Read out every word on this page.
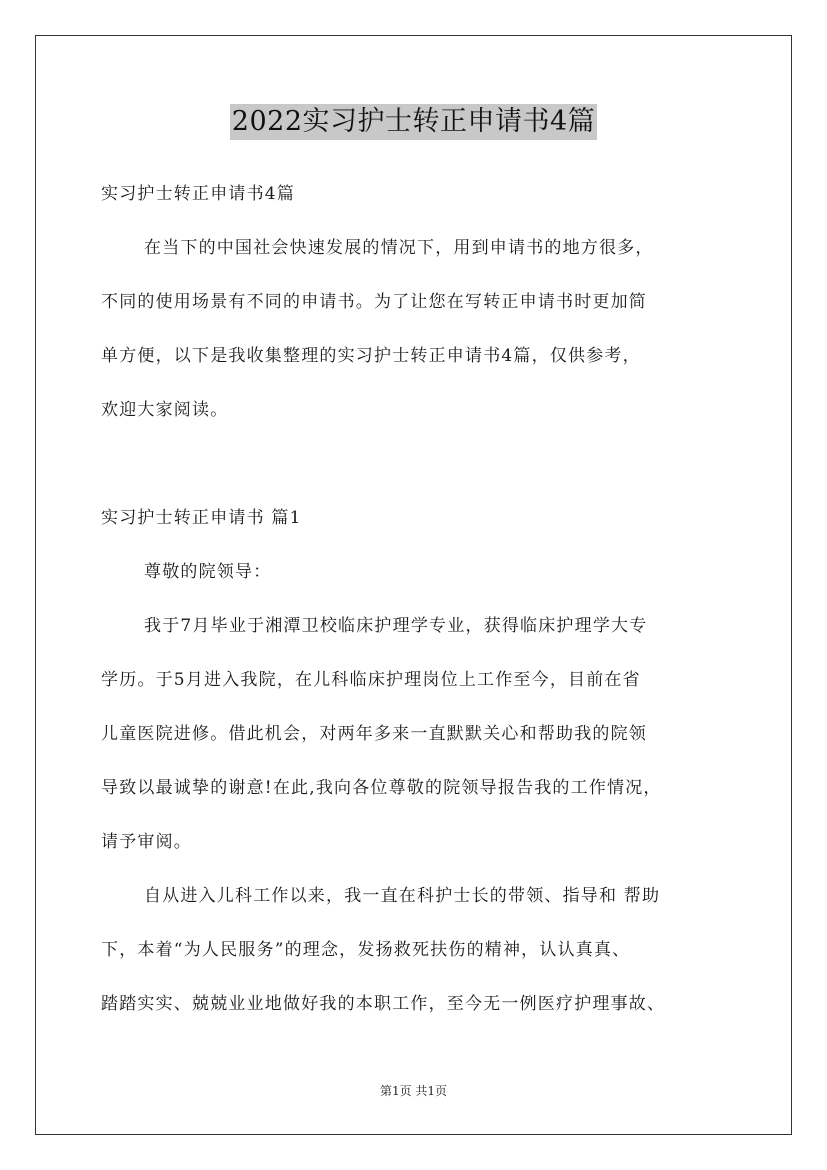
2022实习护士转正申请书4篇
实习护士转正申请书4篇
在当下的中国社会快速发展的情况下，用到申请书的地方很多，
不同的使用场景有不同的申请书。为了让您在写转正申请书时更加简
单方便，以下是我收集整理的实习护士转正申请书4篇，仅供参考，
欢迎大家阅读。
实习护士转正申请书 篇1
尊敬的院领导：
我于7月毕业于湘潭卫校临床护理学专业，获得临床护理学大专
学历。于5月进入我院，在儿科临床护理岗位上工作至今，目前在省
儿童医院进修。借此机会，对两年多来一直默默关心和帮助我的院领
导致以最诚挚的谢意!在此,我向各位尊敬的院领导报告我的工作情况，
请予审阅。
自从进入儿科工作以来，我一直在科护士长的带领、指导和 帮助
下，本着“为人民服务”的理念，发扬救死扶伤的精神，认认真真、
踏踏实实、兢兢业业地做好我的本职工作，至今无一例医疗护理事故、
第1页 共1页
